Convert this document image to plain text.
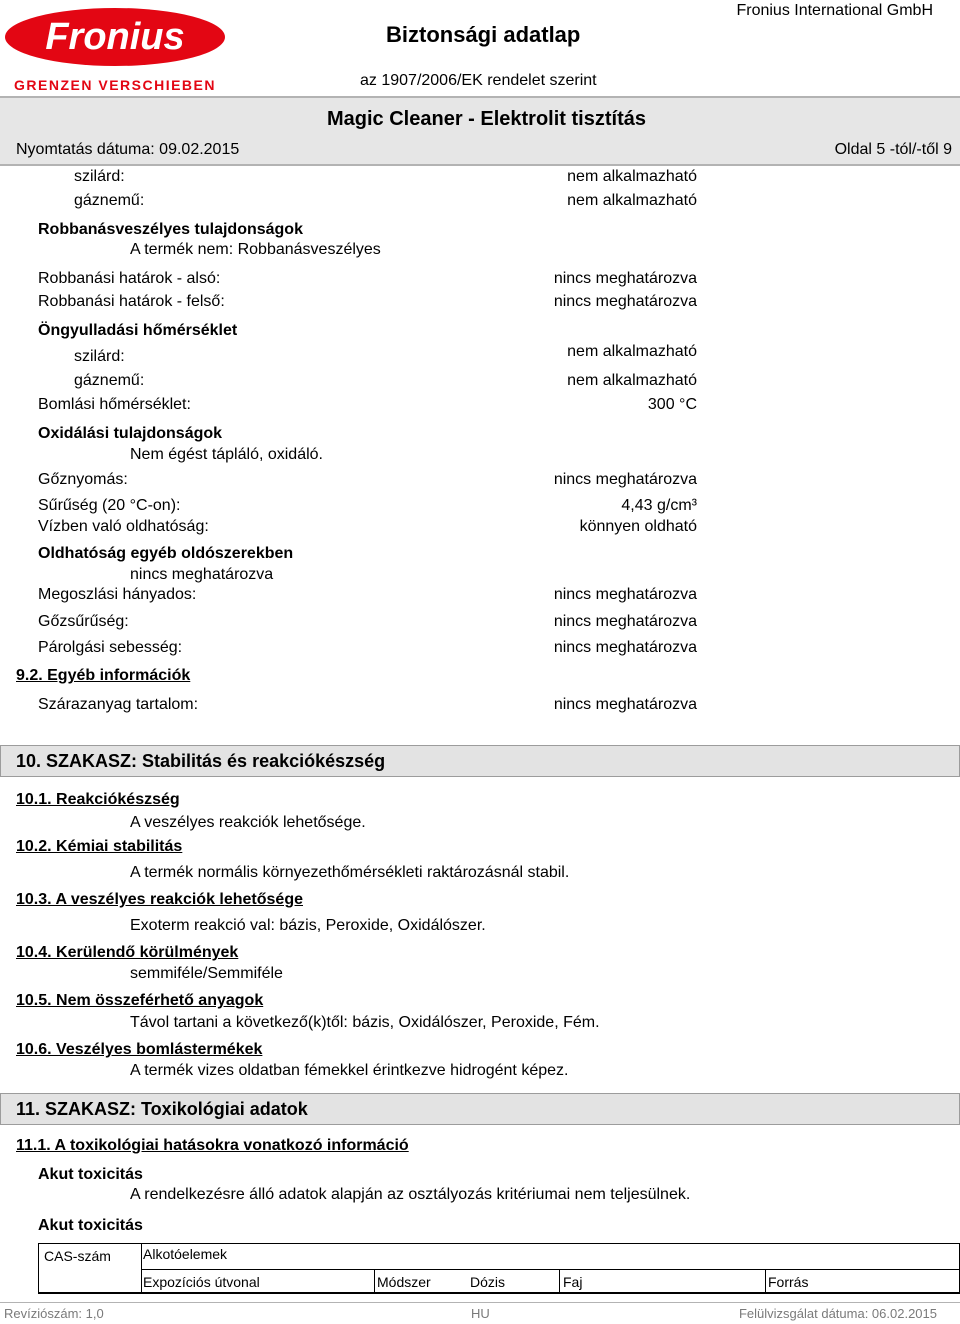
Fronius
GRENZEN VERSCHIEBEN
Biztonsági adatlap
az 1907/2006/EK rendelet szerint
Fronius International GmbH
Magic Cleaner - Elektrolit tisztítás
Nyomtatás dátuma: 09.02.2015	Oldal 5 -tól/-től 9
szilárd:	nem alkalmazható
gáznemű:	nem alkalmazható
Robbanásveszélyes tulajdonságok
A termék nem: Robbanásveszélyes
Robbanási határok - alsó:	nincs meghatározva
Robbanási határok - felső:	nincs meghatározva
Öngyulladási hőmérséklet
szilárd:	nem alkalmazható
gáznemű:	nem alkalmazható
Bomlási hőmérséklet:	300 °C
Oxidálási tulajdonságok
Nem égést tápláló, oxidáló.
Gőznyomás:	nincs meghatározva
Sűrűség (20 °C-on):	4,43 g/cm³
Vízben való oldhatóság:	könnyen oldható
Oldhatóság egyéb oldószerekben
nincs meghatározva
Megoszlási hányados:	nincs meghatározva
Gőzsűrűség:	nincs meghatározva
Párolgási sebesség:	nincs meghatározva
9.2. Egyéb információk
Szárazanyag tartalom:	nincs meghatározva
10. SZAKASZ: Stabilitás és reakciókészség
10.1. Reakciókészség
A veszélyes reakciók lehetősége.
10.2. Kémiai stabilitás
A termék normális környezethőmérsékleti raktározásnál stabil.
10.3. A veszélyes reakciók lehetősége
Exoterm reakció val: bázis, Peroxide, Oxidálószer.
10.4. Kerülendő körülmények
semmiféle/Semmiféle
10.5. Nem összeférhető anyagok
Távol tartani a következő(k)től: bázis, Oxidálószer, Peroxide, Fém.
10.6. Veszélyes bomlástermékek
A termék vizes oldatban fémekkel érintkezve hidrogént képez.
11. SZAKASZ: Toxikológiai adatok
11.1. A toxikológiai hatásokra vonatkozó információ
Akut toxicitás
A rendelkezésre álló adatok alapján az osztályozás kritériumai nem teljesülnek.
Akut toxicitás
CAS-szám Alkotóelemek
Expozíciós útvonal	Módszer	Dózis	Faj	Forrás
Revíziószám: 1,0	HU	Felülvizsgálat dátuma: 06.02.2015
